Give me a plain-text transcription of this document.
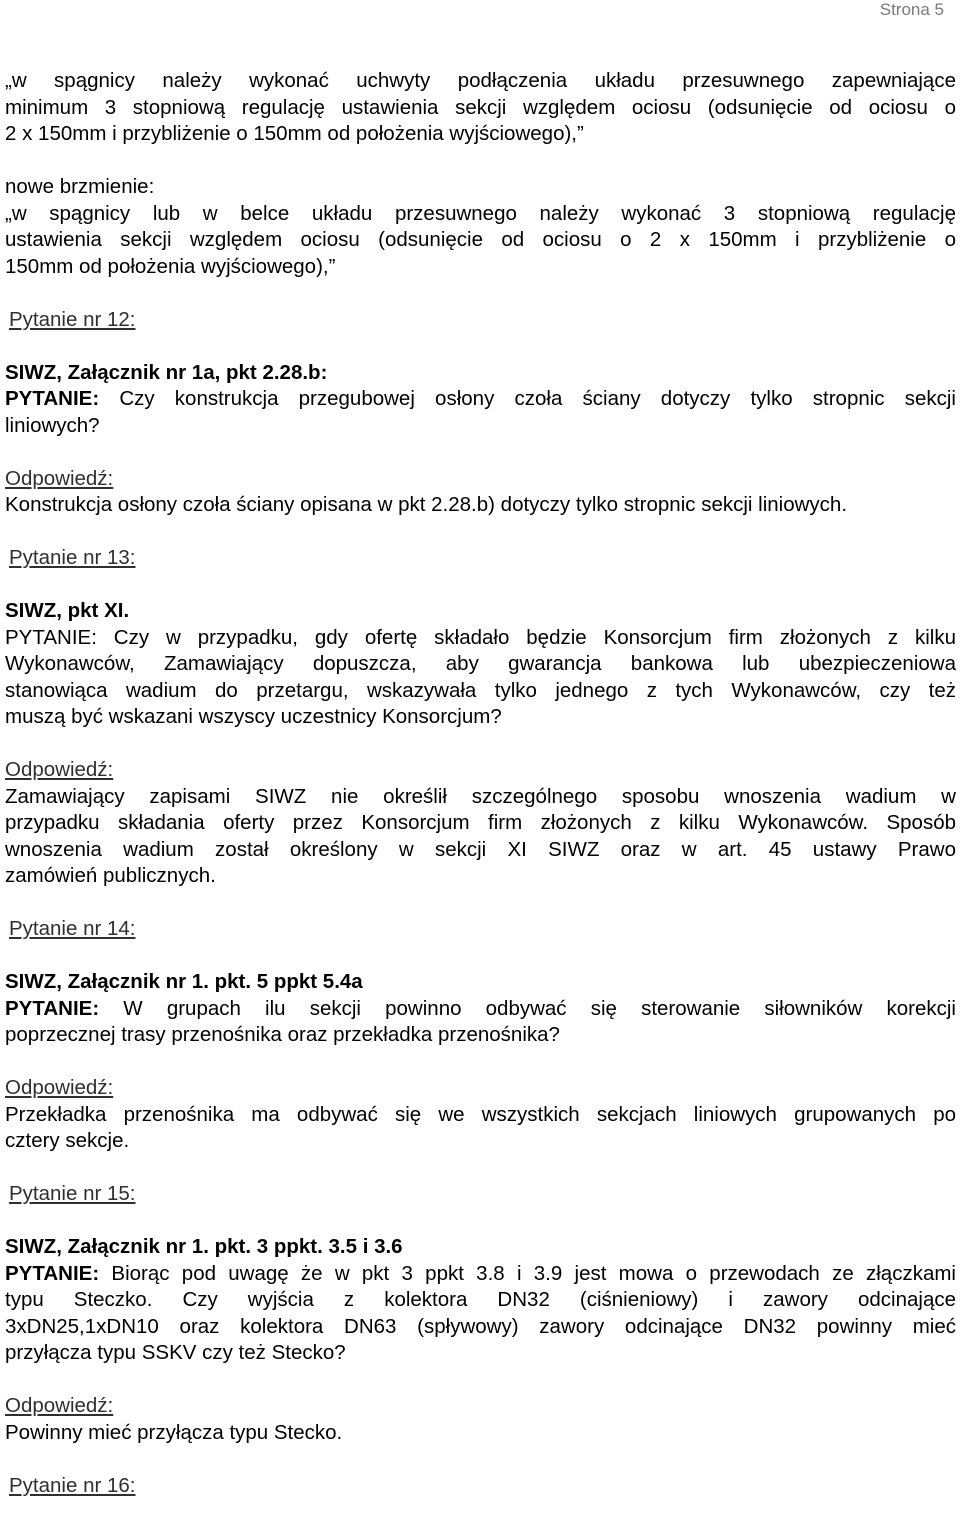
Strona 5
„w spągnicy należy wykonać uchwyty podłączenia układu przesuwnego zapewniające
minimum 3 stopniową regulację ustawienia sekcji względem ociosu (odsunięcie od ociosu o
2 x 150mm i przybliżenie o 150mm od położenia wyjściowego),”
nowe brzmienie:
„w spągnicy lub w belce układu przesuwnego należy wykonać 3 stopniową regulację
ustawienia sekcji względem ociosu (odsunięcie od ociosu o 2 x 150mm i przybliżenie o
150mm od położenia wyjściowego),”
Pytanie nr 12:
SIWZ, Załącznik nr 1a, pkt 2.28.b:
PYTANIE: Czy konstrukcja przegubowej osłony czoła ściany dotyczy tylko stropnic sekcji
liniowych?
Odpowiedź:
Konstrukcja osłony czoła ściany opisana w pkt 2.28.b) dotyczy tylko stropnic sekcji liniowych.
Pytanie nr 13:
SIWZ, pkt XI.
PYTANIE: Czy w przypadku, gdy ofertę składało będzie Konsorcjum firm złożonych z kilku
Wykonawców, Zamawiający dopuszcza, aby gwarancja bankowa lub ubezpieczeniowa
stanowiąca wadium do przetargu, wskazywała tylko jednego z tych Wykonawców, czy też
muszą być wskazani wszyscy uczestnicy Konsorcjum?
Odpowiedź:
Zamawiający zapisami SIWZ nie określił szczególnego sposobu wnoszenia wadium w
przypadku składania oferty przez Konsorcjum firm złożonych z kilku Wykonawców. Sposób
wnoszenia wadium został określony w sekcji XI SIWZ oraz w art. 45 ustawy Prawo
zamówień publicznych.
Pytanie nr 14:
SIWZ, Załącznik nr 1. pkt. 5 ppkt 5.4a
PYTANIE: W grupach ilu sekcji powinno odbywać się sterowanie siłowników korekcji
poprzecznej trasy przenośnika oraz przekładka przenośnika?
Odpowiedź:
Przekładka przenośnika ma odbywać się we wszystkich sekcjach liniowych grupowanych po
cztery sekcje.
Pytanie nr 15:
SIWZ, Załącznik nr 1. pkt. 3 ppkt. 3.5 i 3.6
PYTANIE: Biorąc pod uwagę że w pkt 3 ppkt 3.8 i 3.9 jest mowa o przewodach ze złączkami
typu Steczko. Czy wyjścia z kolektora DN32 (ciśnieniowy) i zawory odcinające
3xDN25,1xDN10 oraz kolektora DN63 (spływowy) zawory odcinające DN32 powinny mieć
przyłącza typu SSKV czy też Stecko?
Odpowiedź:
Powinny mieć przyłącza typu Stecko.
Pytanie nr 16:
